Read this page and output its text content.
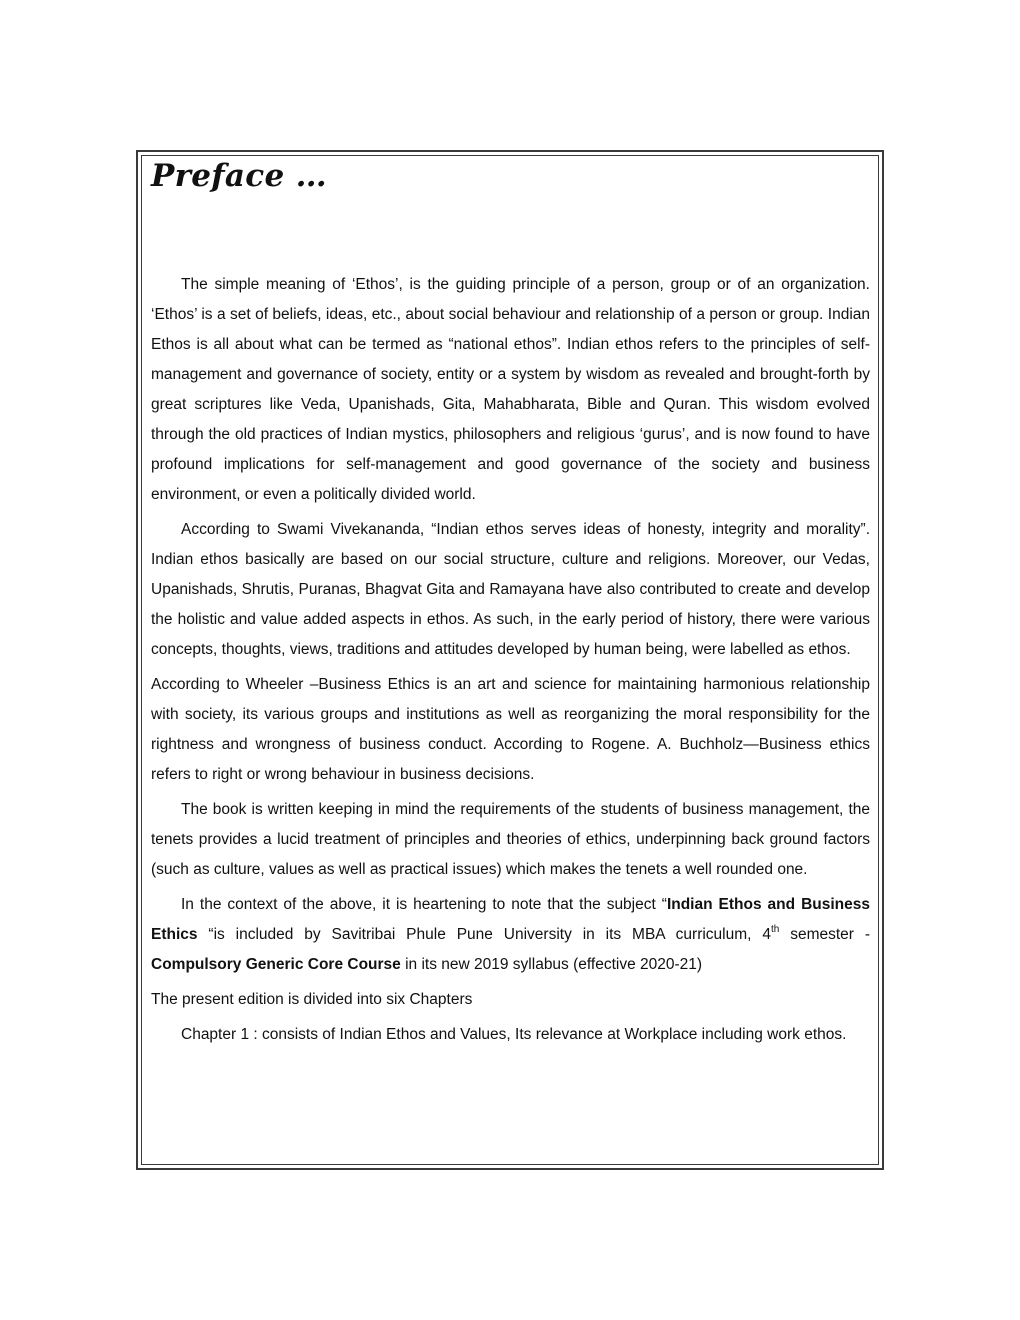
Preface …

The simple meaning of ‘Ethos’, is the guiding principle of a person, group or of an organization. ‘Ethos’ is a set of beliefs, ideas, etc., about social behaviour and relationship of a person or group. Indian Ethos is all about what can be termed as “national ethos”. Indian ethos refers to the principles of self-management and governance of society, entity or a system by wisdom as revealed and brought-forth by great scriptures like Veda, Upanishads, Gita, Mahabharata, Bible and Quran. This wisdom evolved through the old practices of Indian mystics, philosophers and religious ‘gurus’, and is now found to have profound implications for self-management and good governance of the society and business environment, or even a politically divided world.

According to Swami Vivekananda, “Indian ethos serves ideas of honesty, integrity and morality”. Indian ethos basically are based on our social structure, culture and religions. Moreover, our Vedas, Upanishads, Shrutis, Puranas, Bhagvat Gita and Ramayana have also contributed to create and develop the holistic and value added aspects in ethos. As such, in the early period of history, there were various concepts, thoughts, views, traditions and attitudes developed by human being, were labelled as ethos.

According to Wheeler –Business Ethics is an art and science for maintaining harmonious relationship with society, its various groups and institutions as well as reorganizing the moral responsibility for the rightness and wrongness of business conduct. According to Rogene. A. Buchholz—Business ethics refers to right or wrong behaviour in business decisions.

The book is written keeping in mind the requirements of the students of business management, the tenets provides a lucid treatment of principles and theories of ethics, underpinning back ground factors (such as culture, values as well as practical issues) which makes the tenets a well rounded one.

In the context of the above, it is heartening to note that the subject “Indian Ethos and Business Ethics “is included by Savitribai Phule Pune University in its MBA curriculum, 4th semester - Compulsory Generic Core Course in its new 2019 syllabus (effective 2020-21)

The present edition is divided into six Chapters

Chapter 1 : consists of Indian Ethos and Values, Its relevance at Workplace including work ethos.
